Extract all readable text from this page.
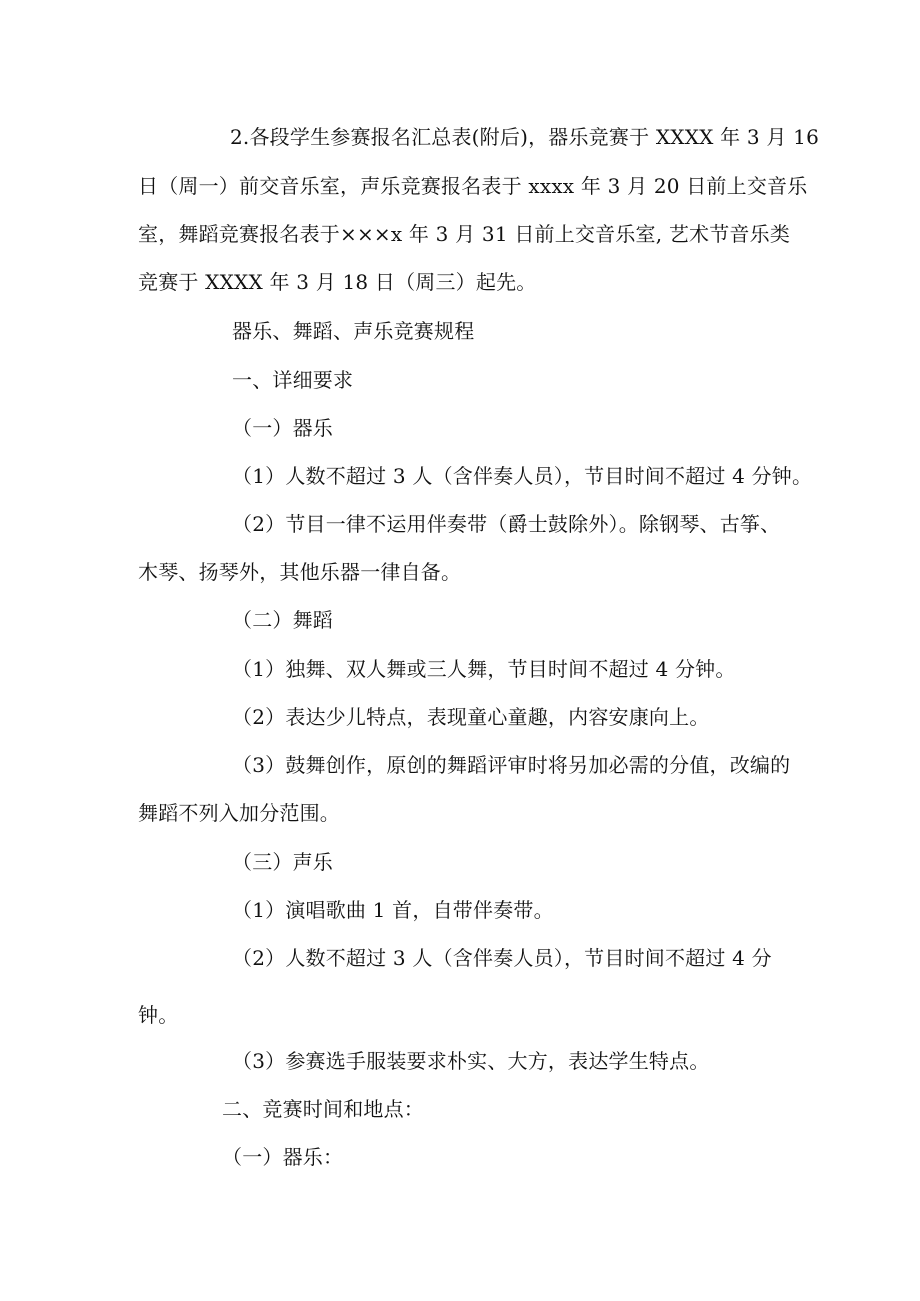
2.各段学生参赛报名汇总表(附后)，器乐竞赛于 XXXX 年 3 月 16
日（周一）前交音乐室，声乐竞赛报名表于 xxxx 年 3 月 20 日前上交音乐
室，舞蹈竞赛报名表于×××x 年 3 月 31 日前上交音乐室, 艺术节音乐类
竞赛于 XXXX 年 3 月 18 日（周三）起先。
器乐、舞蹈、声乐竞赛规程
一、详细要求
（一）器乐
（1）人数不超过 3 人（含伴奏人员），节目时间不超过 4 分钟。
（2）节目一律不运用伴奏带（爵士鼓除外）。除钢琴、古筝、
木琴、扬琴外，其他乐器一律自备。
（二）舞蹈
（1）独舞、双人舞或三人舞，节目时间不超过 4 分钟。
（2）表达少儿特点，表现童心童趣，内容安康向上。
（3）鼓舞创作，原创的舞蹈评审时将另加必需的分值，改编的
舞蹈不列入加分范围。
（三）声乐
（1）演唱歌曲 1 首，自带伴奏带。
（2）人数不超过 3 人（含伴奏人员），节目时间不超过 4 分
钟。
（3）参赛选手服装要求朴实、大方，表达学生特点。
二、竞赛时间和地点：
（一）器乐：
